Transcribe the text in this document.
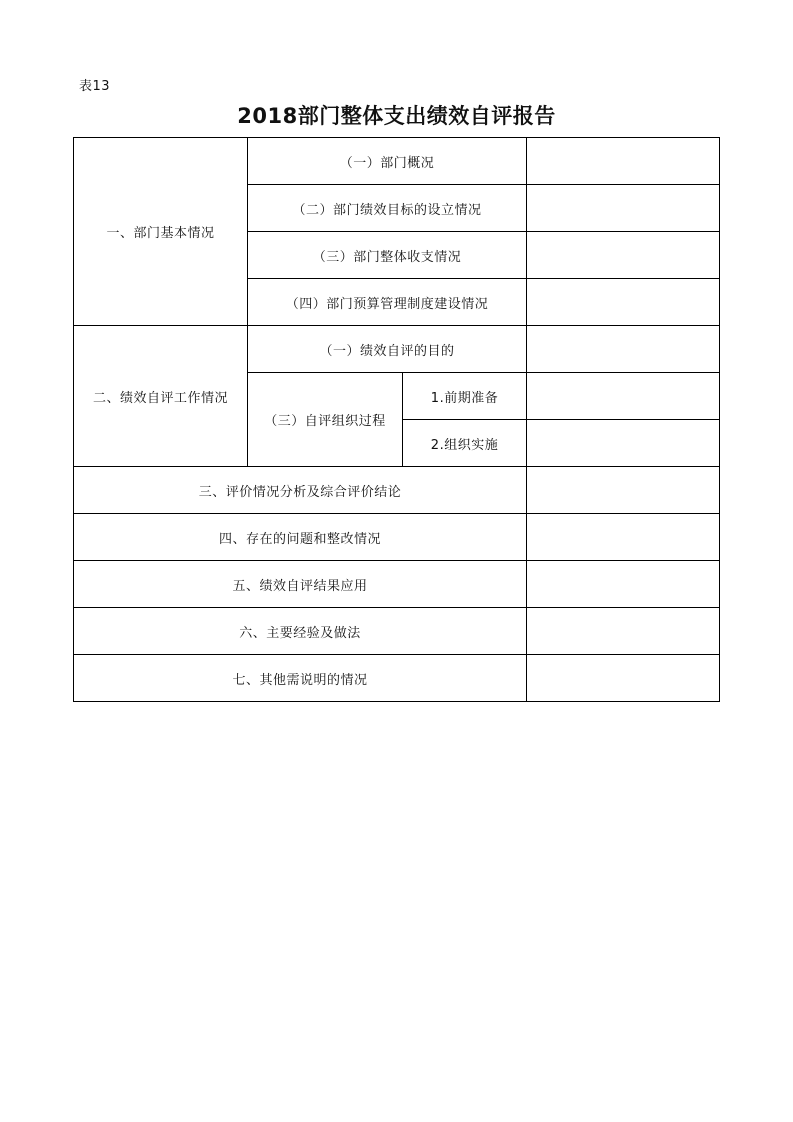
表13
2018部门整体支出绩效自评报告
一、部门基本情况	（一）部门概况		
	（二）部门绩效目标的设立情况		
	（三）部门整体收支情况		
	（四）部门预算管理制度建设情况		
二、绩效自评工作情况	（一）绩效自评的目的		
	（三）自评组织过程	1.前期准备	
		2.组织实施	
三、评价情况分析及综合评价结论			
四、存在的问题和整改情况			
五、绩效自评结果应用			
六、主要经验及做法			
七、其他需说明的情况			
